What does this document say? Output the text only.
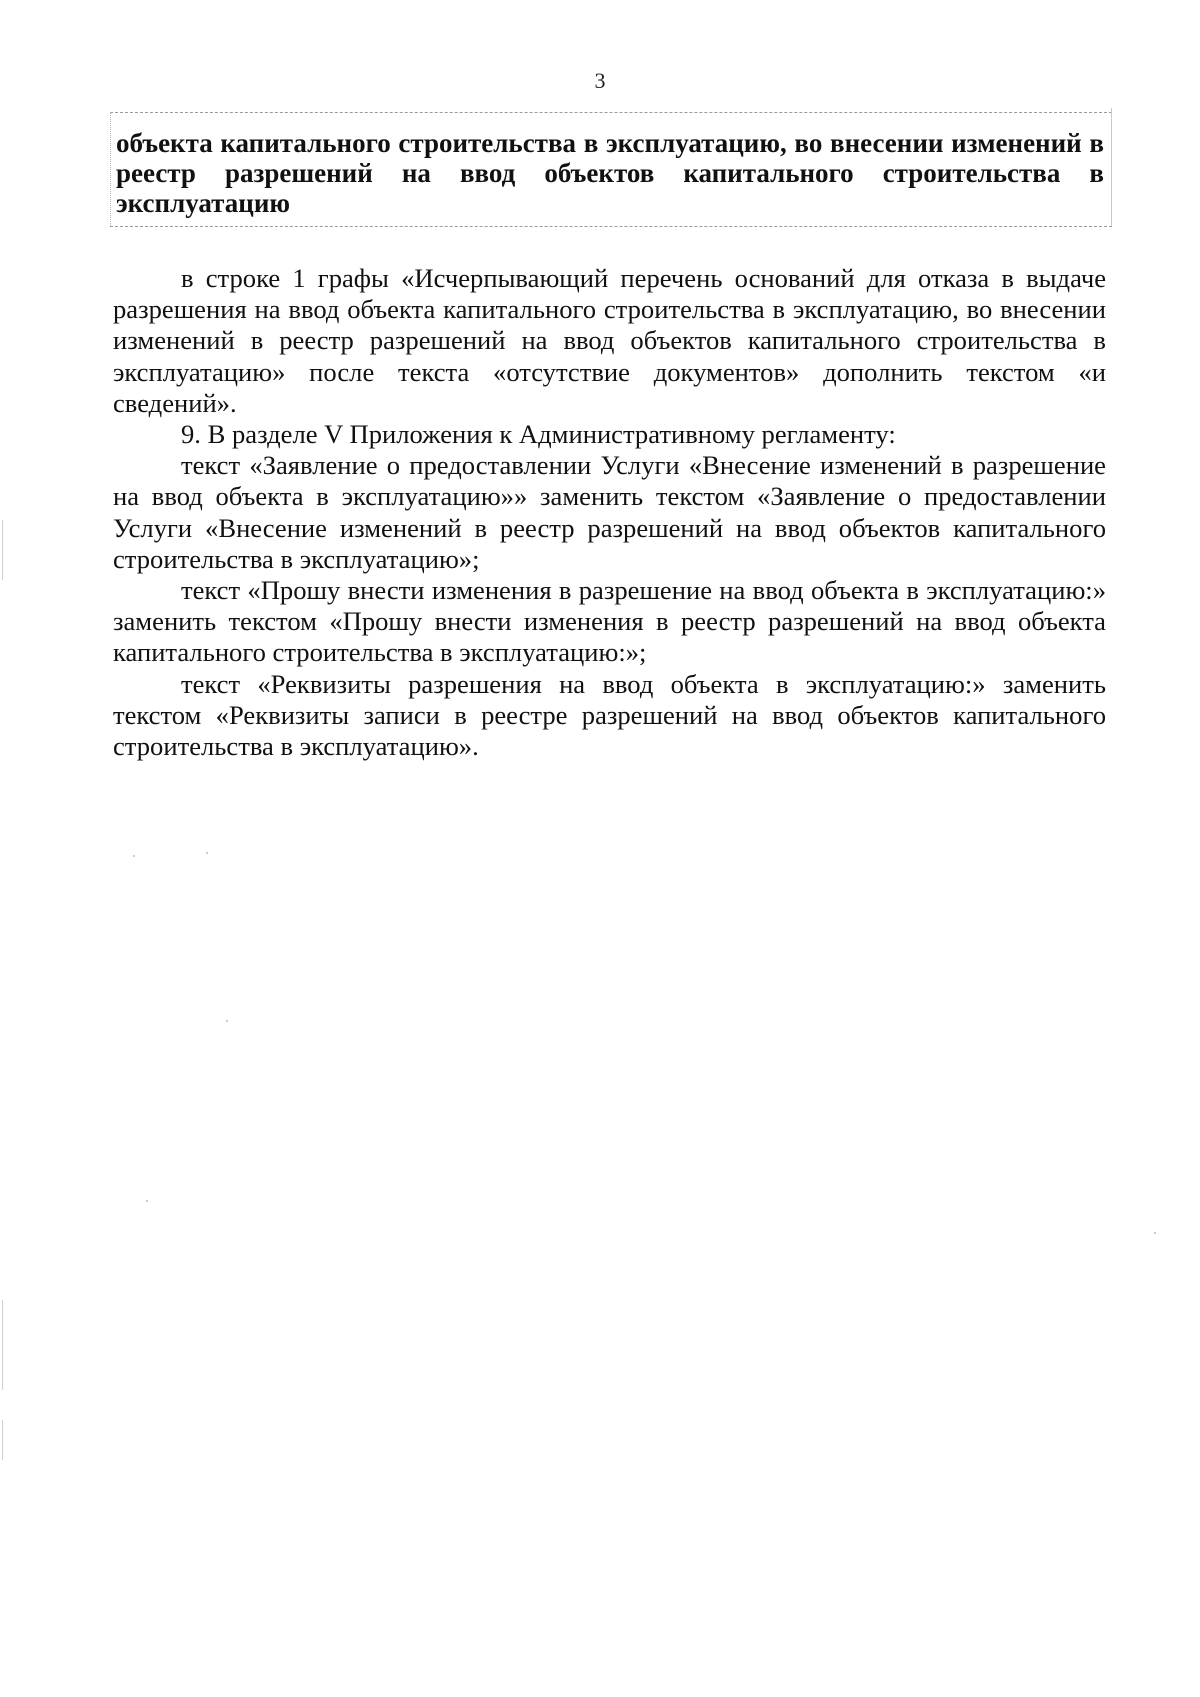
3

объекта капитального строительства в эксплуатацию, во внесении изменений в реестр разрешений на ввод объектов капитального строительства в эксплуатацию

в строке 1 графы «Исчерпывающий перечень оснований для отказа в выдаче разрешения на ввод объекта капитального строительства в эксплуатацию, во внесении изменений в реестр разрешений на ввод объектов капитального строительства в эксплуатацию» после текста «отсутствие документов» дополнить текстом «и сведений».

9. В разделе V Приложения к Административному регламенту:

текст «Заявление о предоставлении Услуги «Внесение изменений в разрешение на ввод объекта в эксплуатацию»» заменить текстом «Заявление о предоставлении Услуги «Внесение изменений в реестр разрешений на ввод объектов капитального строительства в эксплуатацию»;

текст «Прошу внести изменения в разрешение на ввод объекта в эксплуатацию:» заменить текстом «Прошу внести изменения в реестр разрешений на ввод объекта капитального строительства в эксплуатацию:»;

текст «Реквизиты разрешения на ввод объекта в эксплуатацию:» заменить текстом «Реквизиты записи в реестре разрешений на ввод объектов капитального строительства в эксплуатацию».
